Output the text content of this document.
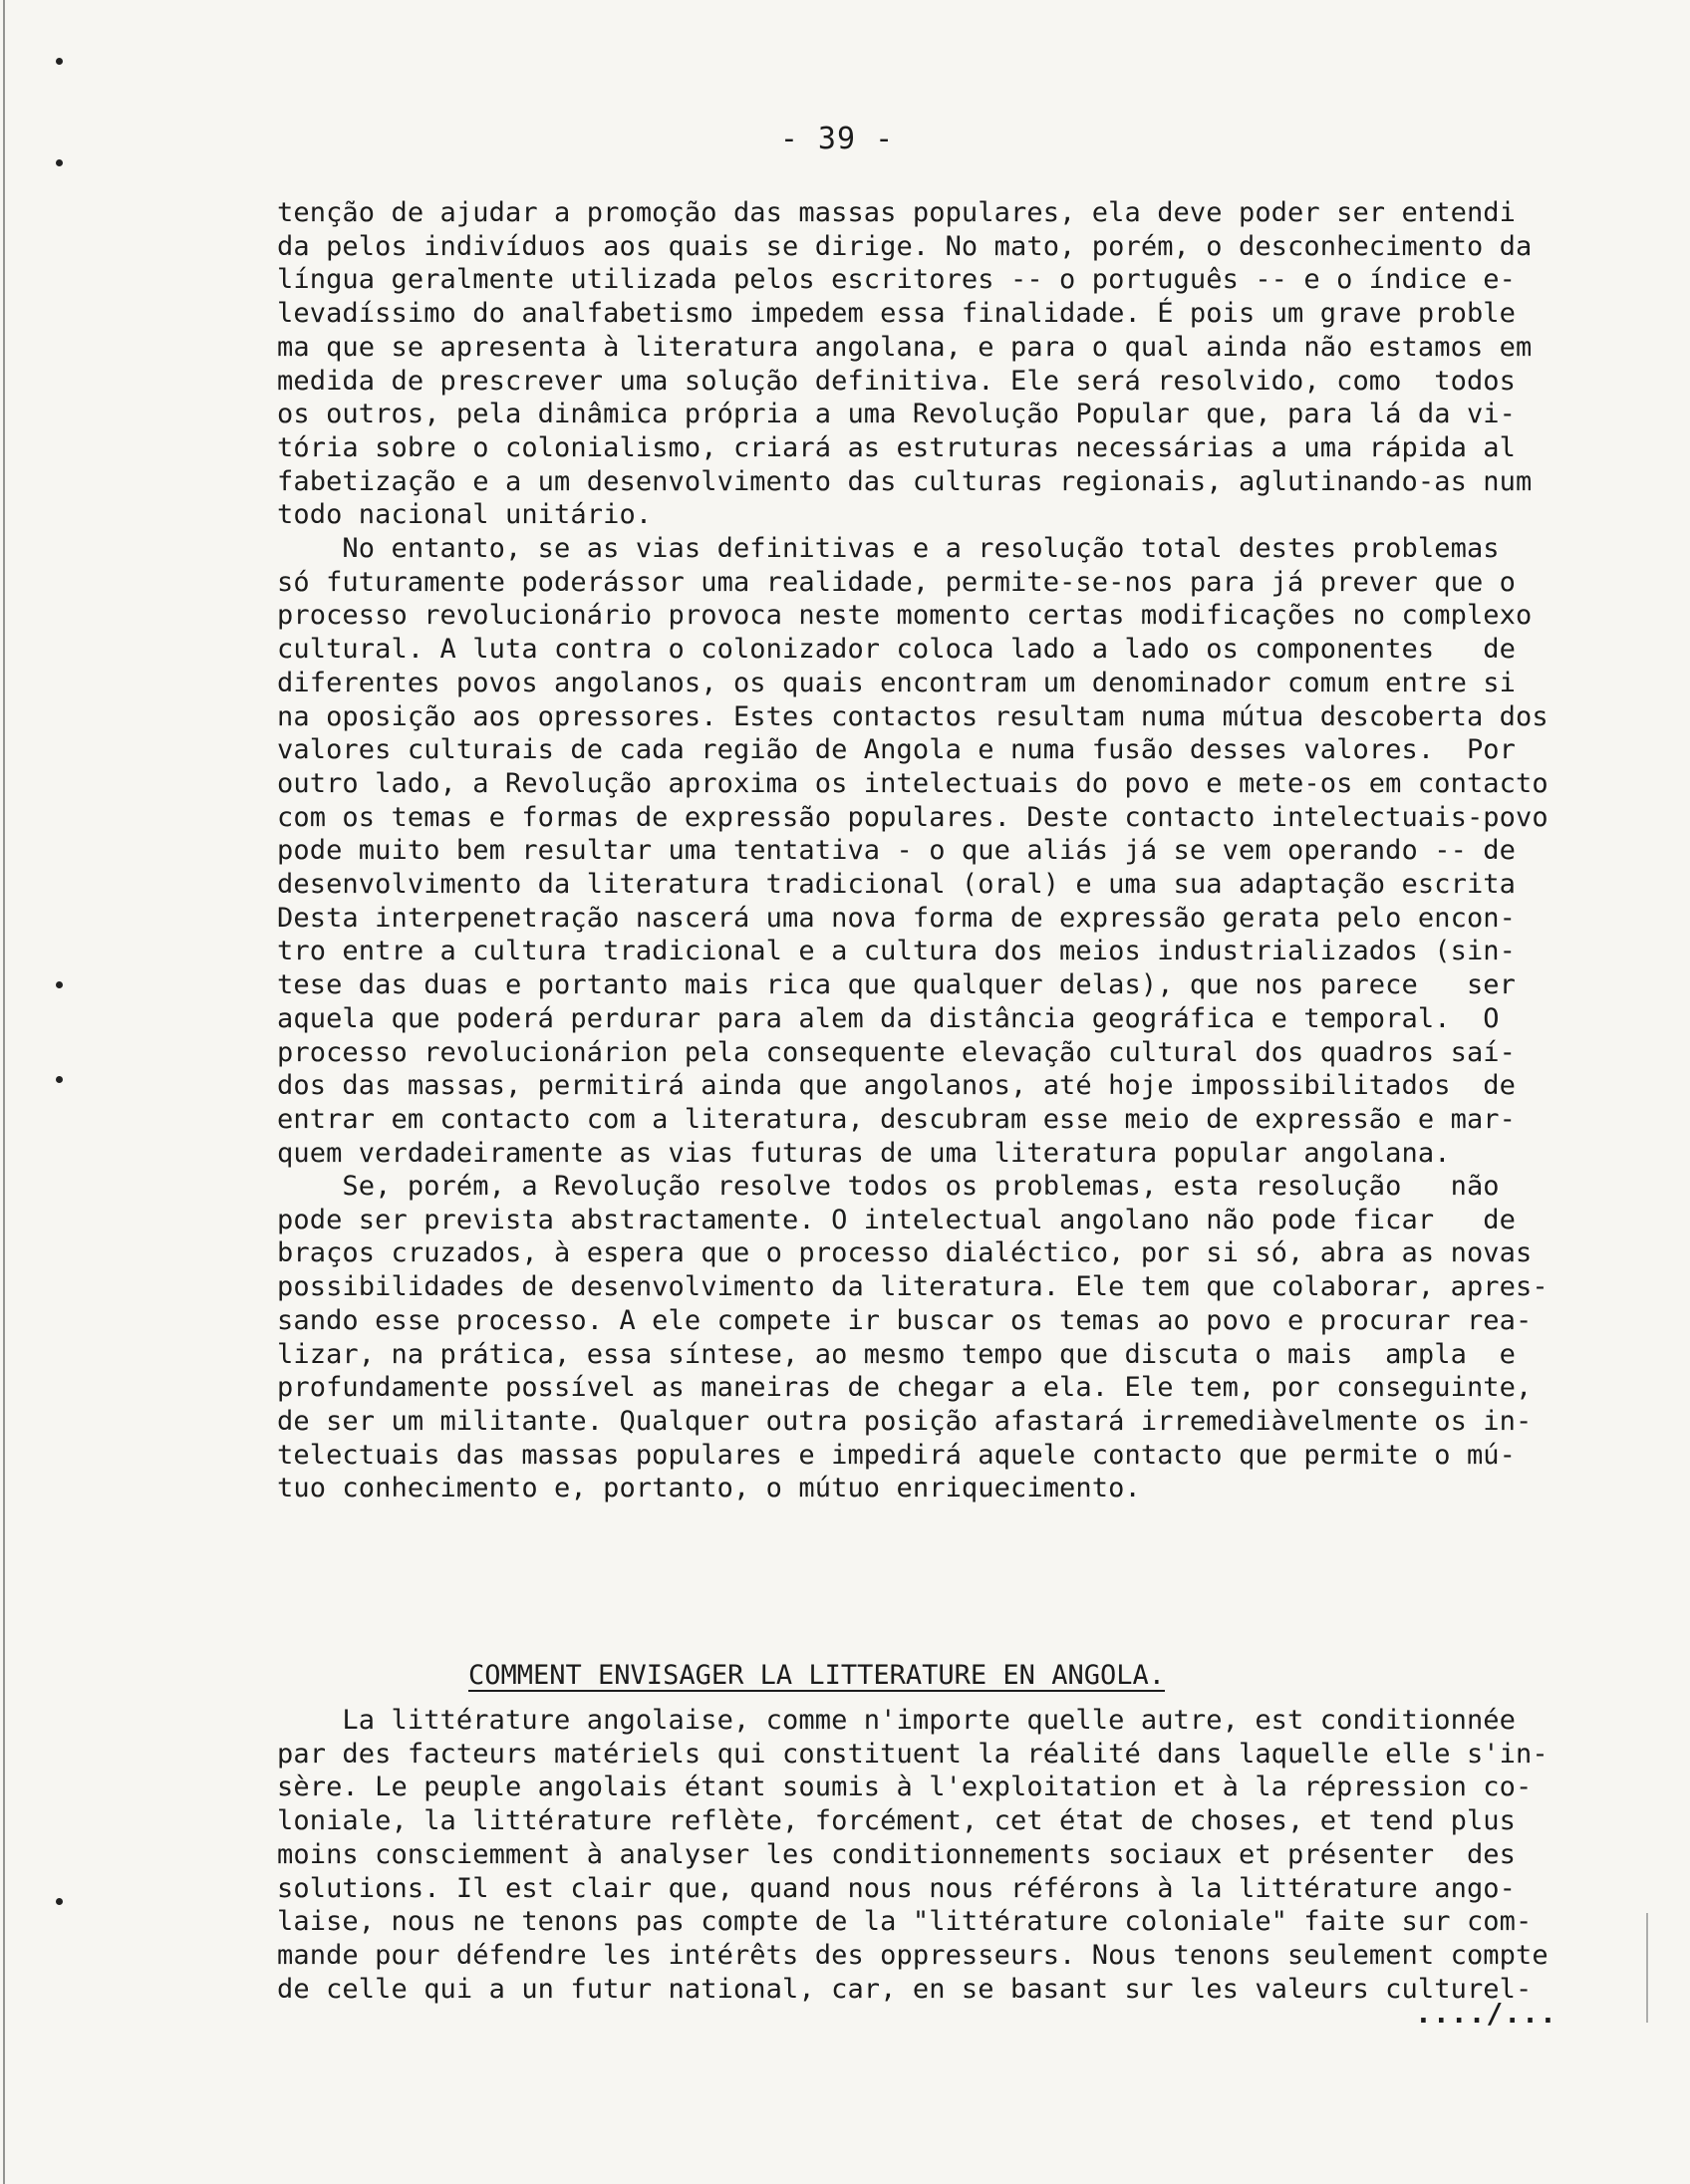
- 39 -

tenção de ajudar a promoção das massas populares, ela deve poder ser entendi
da pelos indivíduos aos quais se dirige. No mato, porém, o desconhecimento da
língua geralmente utilizada pelos escritores -- o português -- e o índice e-
levadíssimo do analfabetismo impedem essa finalidade. É pois um grave proble
ma que se apresenta à literatura angolana, e para o qual ainda não estamos em
medida de prescrever uma solução definitiva. Ele será resolvido, como  todos
os outros, pela dinâmica própria a uma Revolução Popular que, para lá da vi-
tória sobre o colonialismo, criará as estruturas necessárias a uma rápida al
fabetização e a um desenvolvimento das culturas regionais, aglutinando-as num
todo nacional unitário.

No entanto, se as vias definitivas e a resolução total destes problemas
só futuramente poderássor uma realidade, permite-se-nos para já prever que o
processo revolucionário provoca neste momento certas modificações no complexo
cultural. A luta contra o colonizador coloca lado a lado os componentes   de
diferentes povos angolanos, os quais encontram um denominador comum entre si
na oposição aos opressores. Estes contactos resultam numa mútua descoberta dos
valores culturais de cada região de Angola e numa fusão desses valores.  Por
outro lado, a Revolução aproxima os intelectuais do povo e mete-os em contacto
com os temas e formas de expressão populares. Deste contacto intelectuais-povo
pode muito bem resultar uma tentativa - o que aliás já se vem operando -- de
desenvolvimento da literatura tradicional (oral) e uma sua adaptação escrita
Desta interpenetração nascerá uma nova forma de expressão gerata pelo encon-
tro entre a cultura tradicional e a cultura dos meios industrializados (sin-
tese das duas e portanto mais rica que qualquer delas), que nos parece   ser
aquela que poderá perdurar para alem da distância geográfica e temporal.  O
processo revolucionárion pela consequente elevação cultural dos quadros saí-
dos das massas, permitirá ainda que angolanos, até hoje impossibilitados  de
entrar em contacto com a literatura, descubram esse meio de expressão e mar-
quem verdadeiramente as vias futuras de uma literatura popular angolana.

Se, porém, a Revolução resolve todos os problemas, esta resolução   não
pode ser prevista abstractamente. O intelectual angolano não pode ficar   de
braços cruzados, à espera que o processo dialéctico, por si só, abra as novas
possibilidades de desenvolvimento da literatura. Ele tem que colaborar, apres-
sando esse processo. A ele compete ir buscar os temas ao povo e procurar rea-
lizar, na prática, essa síntese, ao mesmo tempo que discuta o mais  ampla  e
profundamente possível as maneiras de chegar a ela. Ele tem, por conseguinte,
de ser um militante. Qualquer outra posição afastará irremediàvelmente os in-
telectuais das massas populares e impedirá aquele contacto que permite o mú-
tuo conhecimento e, portanto, o mútuo enriquecimento.

COMMENT ENVISAGER LA LITTERATURE EN ANGOLA.

La littérature angolaise, comme n'importe quelle autre, est conditionnée
par des facteurs matériels qui constituent la réalité dans laquelle elle s'in-
sère. Le peuple angolais étant soumis à l'exploitation et à la répression co-
loniale, la littérature reflète, forcément, cet état de choses, et tend plus
moins consciemment à analyser les conditionnements sociaux et présenter  des
solutions. Il est clair que, quand nous nous référons à la littérature ango-
laise, nous ne tenons pas compte de la "littérature coloniale" faite sur com-
mande pour défendre les intérêts des oppresseurs. Nous tenons seulement compte
de celle qui a un futur national, car, en se basant sur les valeurs culturel-

..../...
